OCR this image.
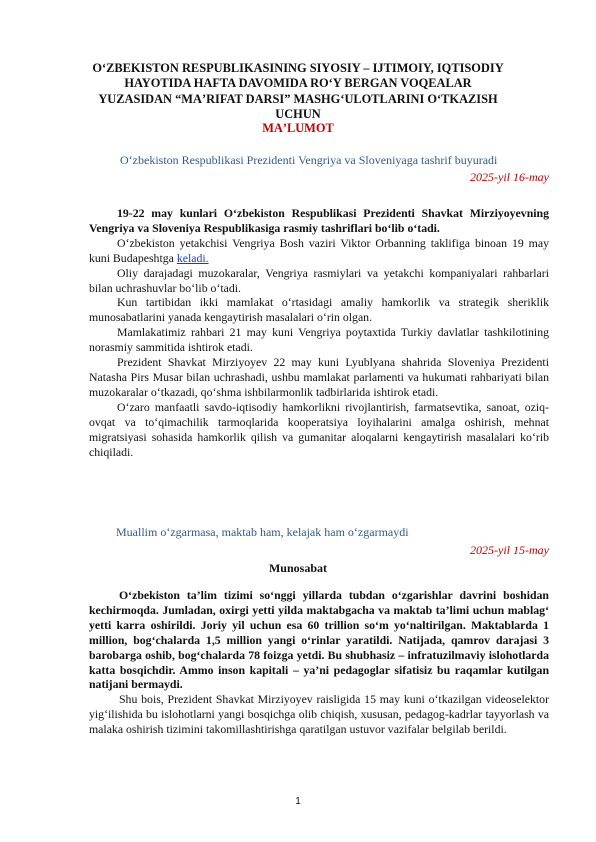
O‘ZBEKISTON RESPUBLIKASINING SIYOSIY – IJTIMOIY, IQTISODIY
HAYOTIDA HAFTA DAVOMIDA ROʻY BERGAN VOQEALAR
YUZASIDAN “MAʼRIFAT DARSI” MASHGʻULOTLARINI OʻTKAZISH
UCHUN
MAʼLUMOT
O‘zbekiston Respublikasi Prezidenti Vengriya va Sloveniyaga tashrif buyuradi
2025-yil 16-may

19-22 may kunlari O‘zbekiston Respublikasi Prezidenti Shavkat Mirziyoyevning Vengriya va Sloveniya Respublikasiga rasmiy tashriflari bo‘lib o‘tadi.

O‘zbekiston yetakchisi Vengriya Bosh vaziri Viktor Orbanning taklifiga binoan 19 may kuni Budapeshtga keladi.

Oliy darajadagi muzokaralar, Vengriya rasmiylari va yetakchi kompaniyalari rahbarlari bilan uchrashuvlar bo‘lib o‘tadi.

Kun tartibidan ikki mamlakat o‘rtasidagi amaliy hamkorlik va strategik sheriklik munosabatlarini yanada kengaytirish masalalari o‘rin olgan.

Mamlakatimiz rahbari 21 may kuni Vengriya poytaxtida Turkiy davlatlar tashkilotining norasmiy sammitida ishtirok etadi.

Prezident Shavkat Mirziyoyev 22 may kuni Lyublyana shahrida Sloveniya Prezidenti Natasha Pirs Musar bilan uchrashadi, ushbu mamlakat parlamenti va hukumati rahbariyati bilan muzokaralar o‘tkazadi, qo‘shma ishbilarmonlik tadbirlarida ishtirok etadi.

O‘zaro manfaatli savdo-iqtisodiy hamkorlikni rivojlantirish, farmatsevtika, sanoat, oziq-ovqat va to‘qimachilik tarmoqlarida kooperatsiya loyihalarini amalga oshirish, mehnat migratsiyasi sohasida hamkorlik qilish va gumanitar aloqalarni kengaytirish masalalari ko‘rib chiqiladi.

Muallim o‘zgarmasa, maktab ham, kelajak ham o‘zgarmaydi
2025-yil 15-may
Munosabat

O‘zbekiston ta’lim tizimi so‘nggi yillarda tubdan o‘zgarishlar davrini boshidan kechirmoqda. Jumladan, oxirgi yetti yilda maktabgacha va maktab ta’limi uchun mablag‘ yetti karra oshirildi. Joriy yil uchun esa 60 trillion so‘m yo‘naltirilgan. Maktablarda 1 million, bog‘chalarda 1,5 million yangi o‘rinlar yaratildi. Natijada, qamrov darajasi 3 barobarga oshib, bog‘chalarda 78 foizga yetdi. Bu shubhasiz – infratuzilmaviy islohotlarda katta bosqichdir. Ammo inson kapitali – ya’ni pedagoglar sifatisiz bu raqamlar kutilgan natijani bermaydi.

Shu bois, Prezident Shavkat Mirziyoyev raisligida 15 may kuni o‘tkazilgan videoselektor yig‘ilishida bu islohotlarni yangi bosqichga olib chiqish, xususan, pedagog-kadrlar tayyorlash va malaka oshirish tizimini takomillashtirishga qaratilgan ustuvor vazifalar belgilab berildi.

1
